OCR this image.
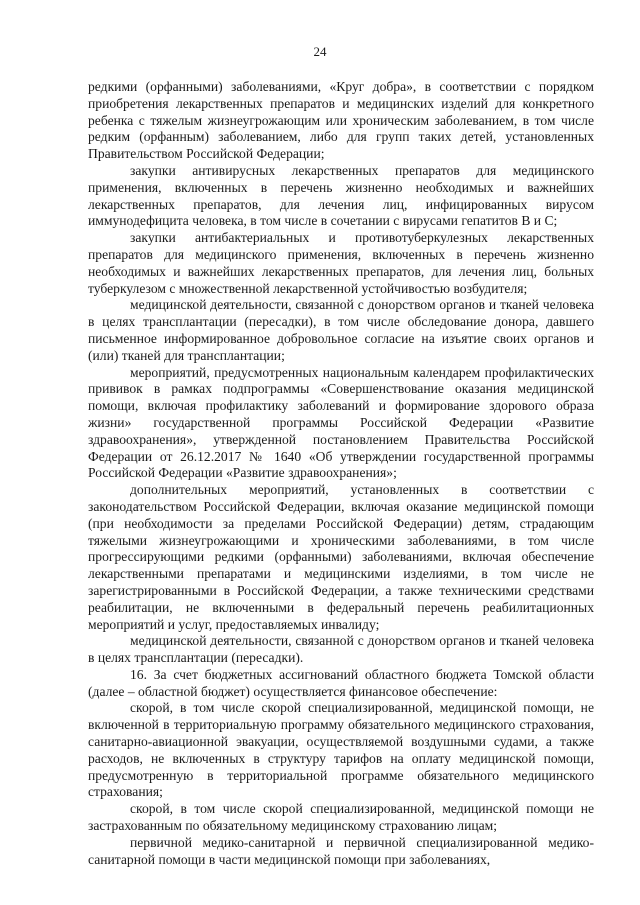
24

редкими (орфанными) заболеваниями, «Круг добра», в соответствии с порядком приобретения лекарственных препаратов и медицинских изделий для конкретного ребенка с тяжелым жизнеугрожающим или хроническим заболеванием, в том числе редким (орфанным) заболеванием, либо для групп таких детей, установленных Правительством Российской Федерации;

закупки антивирусных лекарственных препаратов для медицинского применения, включенных в перечень жизненно необходимых и важнейших лекарственных препаратов, для лечения лиц, инфицированных вирусом иммунодефицита человека, в том числе в сочетании с вирусами гепатитов В и С;

закупки антибактериальных и противотуберкулезных лекарственных препаратов для медицинского применения, включенных в перечень жизненно необходимых и важнейших лекарственных препаратов, для лечения лиц, больных туберкулезом с множественной лекарственной устойчивостью возбудителя;

медицинской деятельности, связанной с донорством органов и тканей человека в целях трансплантации (пересадки), в том числе обследование донора, давшего письменное информированное добровольное согласие на изъятие своих органов и (или) тканей для трансплантации;

мероприятий, предусмотренных национальным календарем профилактических прививок в рамках подпрограммы «Совершенствование оказания медицинской помощи, включая профилактику заболеваний и формирование здорового образа жизни» государственной программы Российской Федерации «Развитие здравоохранения», утвержденной постановлением Правительства Российской Федерации от 26.12.2017 № 1640 «Об утверждении государственной программы Российской Федерации «Развитие здравоохранения»;

дополнительных мероприятий, установленных в соответствии с законодательством Российской Федерации, включая оказание медицинской помощи (при необходимости за пределами Российской Федерации) детям, страдающим тяжелыми жизнеугрожающими и хроническими заболеваниями, в том числе прогрессирующими редкими (орфанными) заболеваниями, включая обеспечение лекарственными препаратами и медицинскими изделиями, в том числе не зарегистрированными в Российской Федерации, а также техническими средствами реабилитации, не включенными в федеральный перечень реабилитационных мероприятий и услуг, предоставляемых инвалиду;

медицинской деятельности, связанной с донорством органов и тканей человека в целях трансплантации (пересадки).

16. За счет бюджетных ассигнований областного бюджета Томской области (далее – областной бюджет) осуществляется финансовое обеспечение:

скорой, в том числе скорой специализированной, медицинской помощи, не включенной в территориальную программу обязательного медицинского страхования, санитарно-авиационной эвакуации, осуществляемой воздушными судами, а также расходов, не включенных в структуру тарифов на оплату медицинской помощи, предусмотренную в территориальной программе обязательного медицинского страхования;

скорой, в том числе скорой специализированной, медицинской помощи не застрахованным по обязательному медицинскому страхованию лицам;

первичной медико-санитарной и первичной специализированной медико-санитарной помощи в части медицинской помощи при заболеваниях,
